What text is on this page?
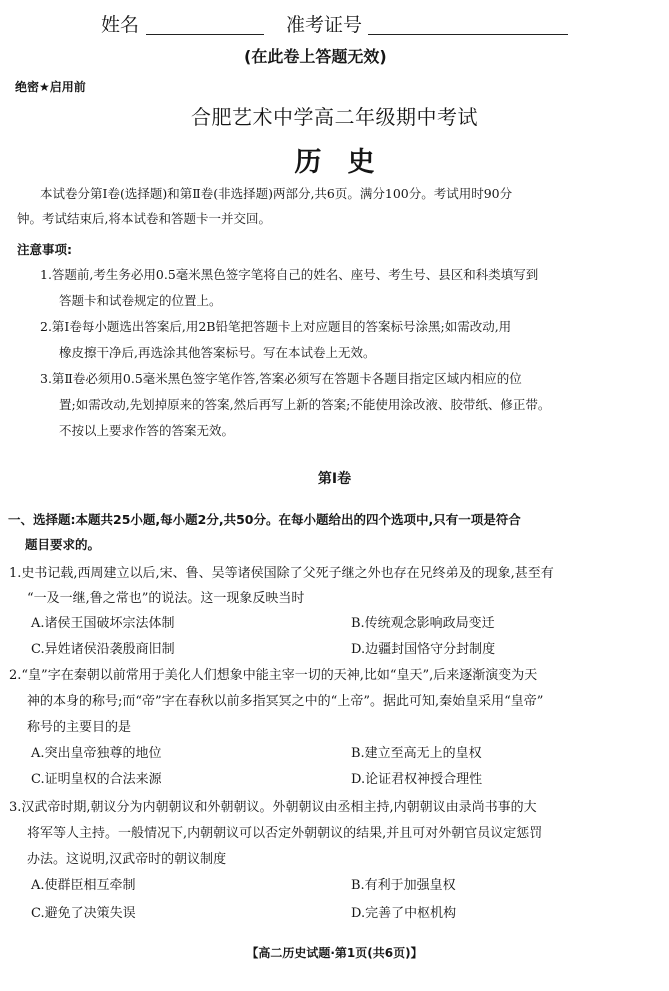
姓名	准考证号
(在此卷上答题无效)
绝密★启用前
合肥艺术中学高二年级期中考试
历史
本试卷分第Ⅰ卷(选择题)和第Ⅱ卷(非选择题)两部分,共6页。满分100分。考试用时90分
钟。考试结束后,将本试卷和答题卡一并交回。
注意事项:
1.答题前,考生务必用0.5毫米黑色签字笔将自己的姓名、座号、考生号、县区和科类填写到
答题卡和试卷规定的位置上。
2.第Ⅰ卷每小题选出答案后,用2B铅笔把答题卡上对应题目的答案标号涂黑;如需改动,用
橡皮擦干净后,再选涂其他答案标号。写在本试卷上无效。
3.第Ⅱ卷必须用0.5毫米黑色签字笔作答,答案必须写在答题卡各题目指定区域内相应的位
置;如需改动,先划掉原来的答案,然后再写上新的答案;不能使用涂改液、胶带纸、修正带。
不按以上要求作答的答案无效。
第Ⅰ卷
一、选择题:本题共25小题,每小题2分,共50分。在每小题给出的四个选项中,只有一项是符合
题目要求的。
1.史书记载,西周建立以后,宋、鲁、吴等诸侯国除了父死子继之外也存在兄终弟及的现象,甚至有
“一及一继,鲁之常也”的说法。这一现象反映当时
A.诸侯王国破坏宗法体制	B.传统观念影响政局变迁
C.异姓诸侯沿袭殷商旧制	D.边疆封国恪守分封制度
2.“皇”字在秦朝以前常用于美化人们想象中能主宰一切的天神,比如“皇天”,后来逐渐演变为天
神的本身的称号;而“帝”字在春秋以前多指冥冥之中的“上帝”。据此可知,秦始皇采用“皇帝”
称号的主要目的是
A.突出皇帝独尊的地位	B.建立至高无上的皇权
C.证明皇权的合法来源	D.论证君权神授合理性
3.汉武帝时期,朝议分为内朝朝议和外朝朝议。外朝朝议由丞相主持,内朝朝议由录尚书事的大
将军等人主持。一般情况下,内朝朝议可以否定外朝朝议的结果,并且可对外朝官员议定惩罚
办法。这说明,汉武帝时的朝议制度
A.使群臣相互牵制	B.有利于加强皇权
C.避免了决策失误	D.完善了中枢机构
【高二历史试题·第1页(共6页)】
